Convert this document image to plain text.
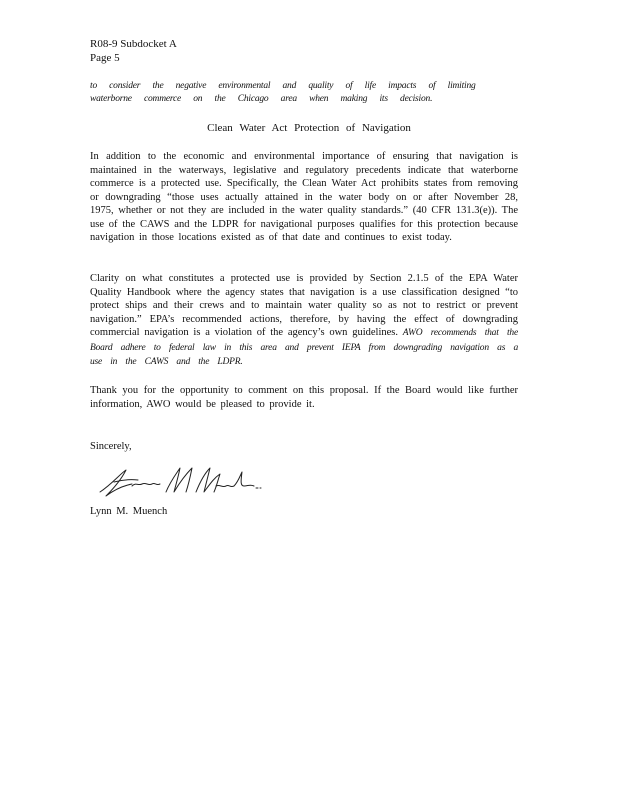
R08-9 Subdocket A
Page 5
to consider the negative environmental and quality of life impacts of limiting waterborne commerce on the Chicago area when making its decision.
Clean Water Act Protection of Navigation
In addition to the economic and environmental importance of ensuring that navigation is maintained in the waterways, legislative and regulatory precedents indicate that waterborne commerce is a protected use. Specifically, the Clean Water Act prohibits states from removing or downgrading “those uses actually attained in the water body on or after November 28, 1975, whether or not they are included in the water quality standards.” (40 CFR 131.3(e)). The use of the CAWS and the LDPR for navigational purposes qualifies for this protection because navigation in those locations existed as of that date and continues to exist today.
Clarity on what constitutes a protected use is provided by Section 2.1.5 of the EPA Water Quality Handbook where the agency states that navigation is a use classification designed “to protect ships and their crews and to maintain water quality so as not to restrict or prevent navigation.” EPA’s recommended actions, therefore, by having the effect of downgrading commercial navigation is a violation of the agency’s own guidelines. AWO recommends that the Board adhere to federal law in this area and prevent IEPA from downgrading navigation as a use in the CAWS and the LDPR.
Thank you for the opportunity to comment on this proposal. If the Board would like further information, AWO would be pleased to provide it.
Sincerely,
Lynn M. Muench
